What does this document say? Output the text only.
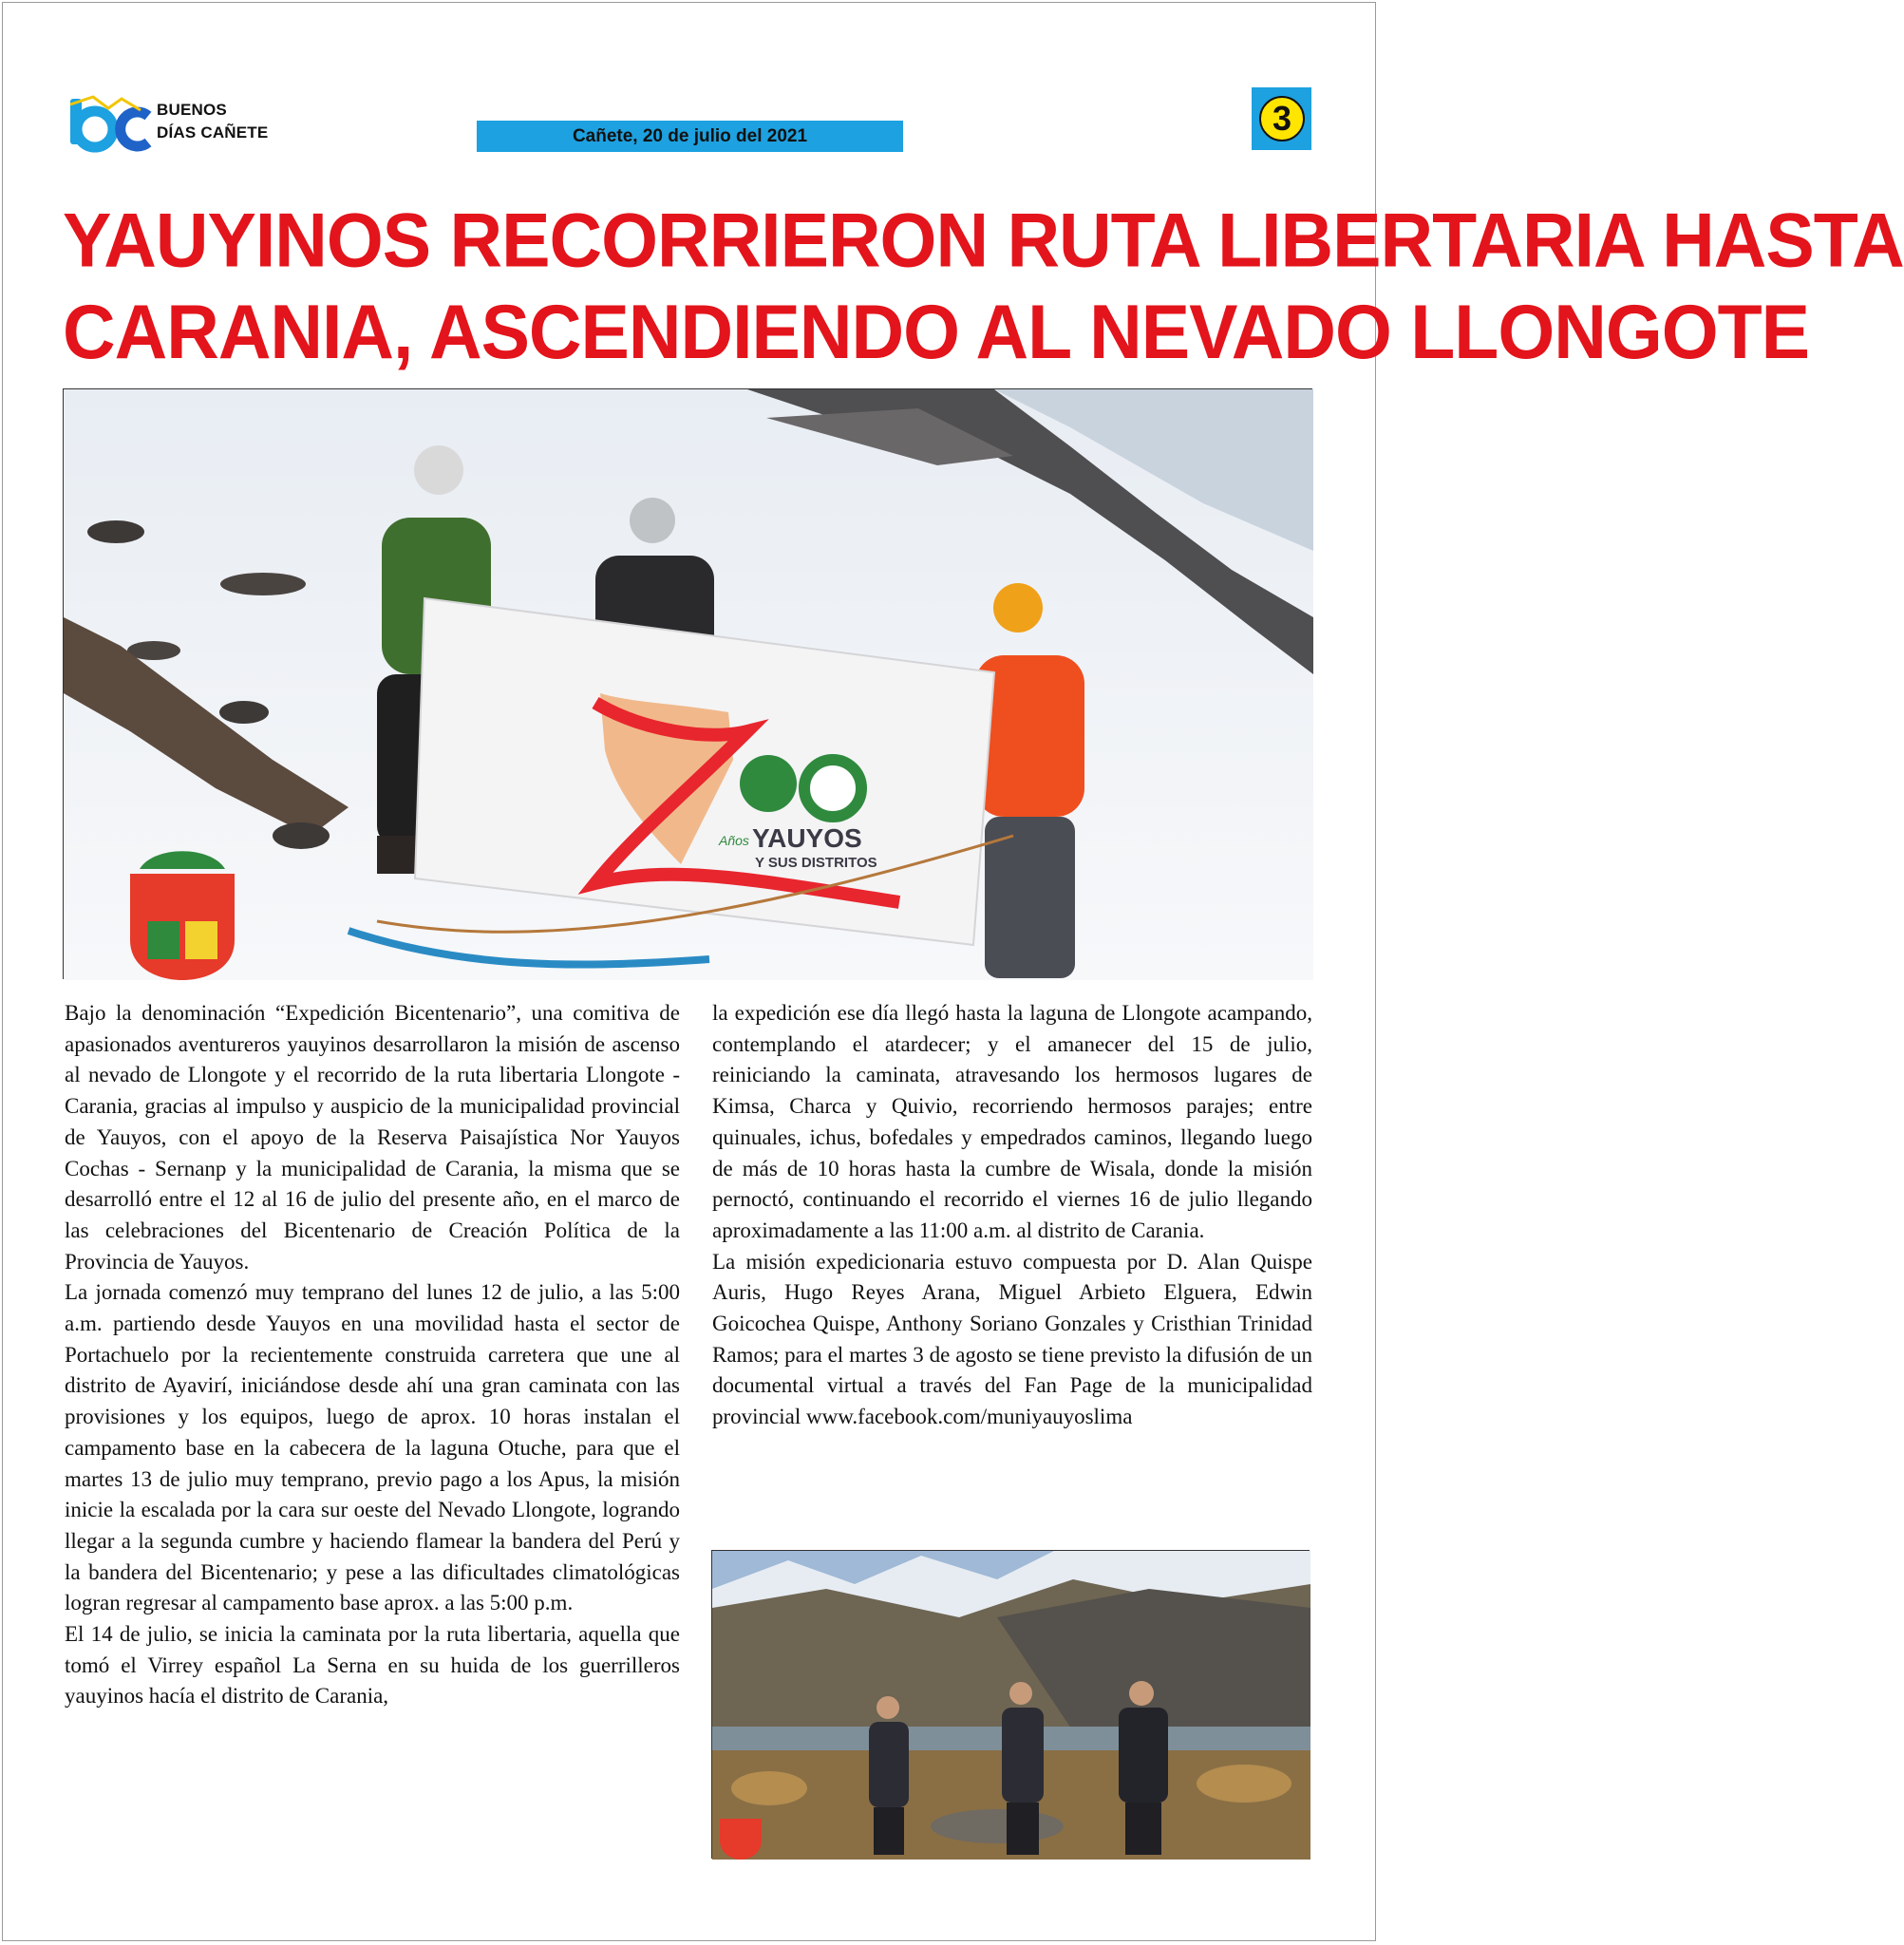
BUENOS
DÍAS CAÑETE	Cañete, 20 de julio del 2021	3
YAUYINOS RECORRIERON RUTA LIBERTARIA HASTA
CARANIA, ASCENDIENDO AL NEVADO LLONGOTE
Años YAUYOS
Y SUS DISTRITOS

Bajo la denominación “Expedición Bicentenario”, una comitiva de apasionados aventureros yauyinos desarrollaron la misión de ascenso al nevado de Llongote y el recorrido de la ruta libertaria Llongote - Carania, gracias al impulso y auspicio de la municipalidad provincial de Yauyos, con el apoyo de la Reserva Paisajística Nor Yauyos Cochas - Sernanp y la municipalidad de Carania, la misma que se desarrolló entre el 12 al 16 de julio del presente año, en el marco de las celebraciones del Bicentenario de Creación Política de la Provincia de Yauyos.

La jornada comenzó muy temprano del lunes 12 de julio, a las 5:00 a.m. partiendo desde Yauyos en una movilidad hasta el sector de Portachuelo por la recientemente construida carretera que une al distrito de Ayavirí, iniciándose desde ahí una gran caminata con las provisiones y los equipos, luego de aprox. 10 horas instalan el campamento base en la cabecera de la laguna Otuche, para que el martes 13 de julio muy temprano, previo pago a los Apus, la misión inicie la escalada por la cara sur oeste del Nevado Llongote, logrando llegar a la segunda cumbre y haciendo flamear la bandera del Perú y la bandera del Bicentenario; y pese a las dificultades climatológicas logran regresar al campamento base aprox. a las 5:00 p.m.

El 14 de julio, se inicia la caminata por la ruta libertaria, aquella que tomó el Virrey español La Serna en su huida de los guerrilleros yauyinos hacía el distrito de Carania,

la expedición ese día llegó hasta la laguna de Llongote acampando, contemplando el atardecer; y el amanecer del 15 de julio, reiniciando la caminata, atravesando los hermosos lugares de Kimsa, Charca y Quivio, recorriendo hermosos parajes; entre quinuales, ichus, bofedales y empedrados caminos, llegando luego de más de 10 horas hasta la cumbre de Wisala, donde la misión pernoctó, continuando el recorrido el viernes 16 de julio llegando aproximadamente a las 11:00 a.m. al distrito de Carania.

La misión expedicionaria estuvo compuesta por D. Alan Quispe Auris, Hugo Reyes Arana, Miguel Arbieto Elguera, Edwin Goicochea Quispe, Anthony Soriano Gonzales y Cristhian Trinidad Ramos; para el martes 3 de agosto se tiene previsto la difusión de un documental virtual a través del Fan Page de la municipalidad provincial www.facebook.com/muniyauyoslima
